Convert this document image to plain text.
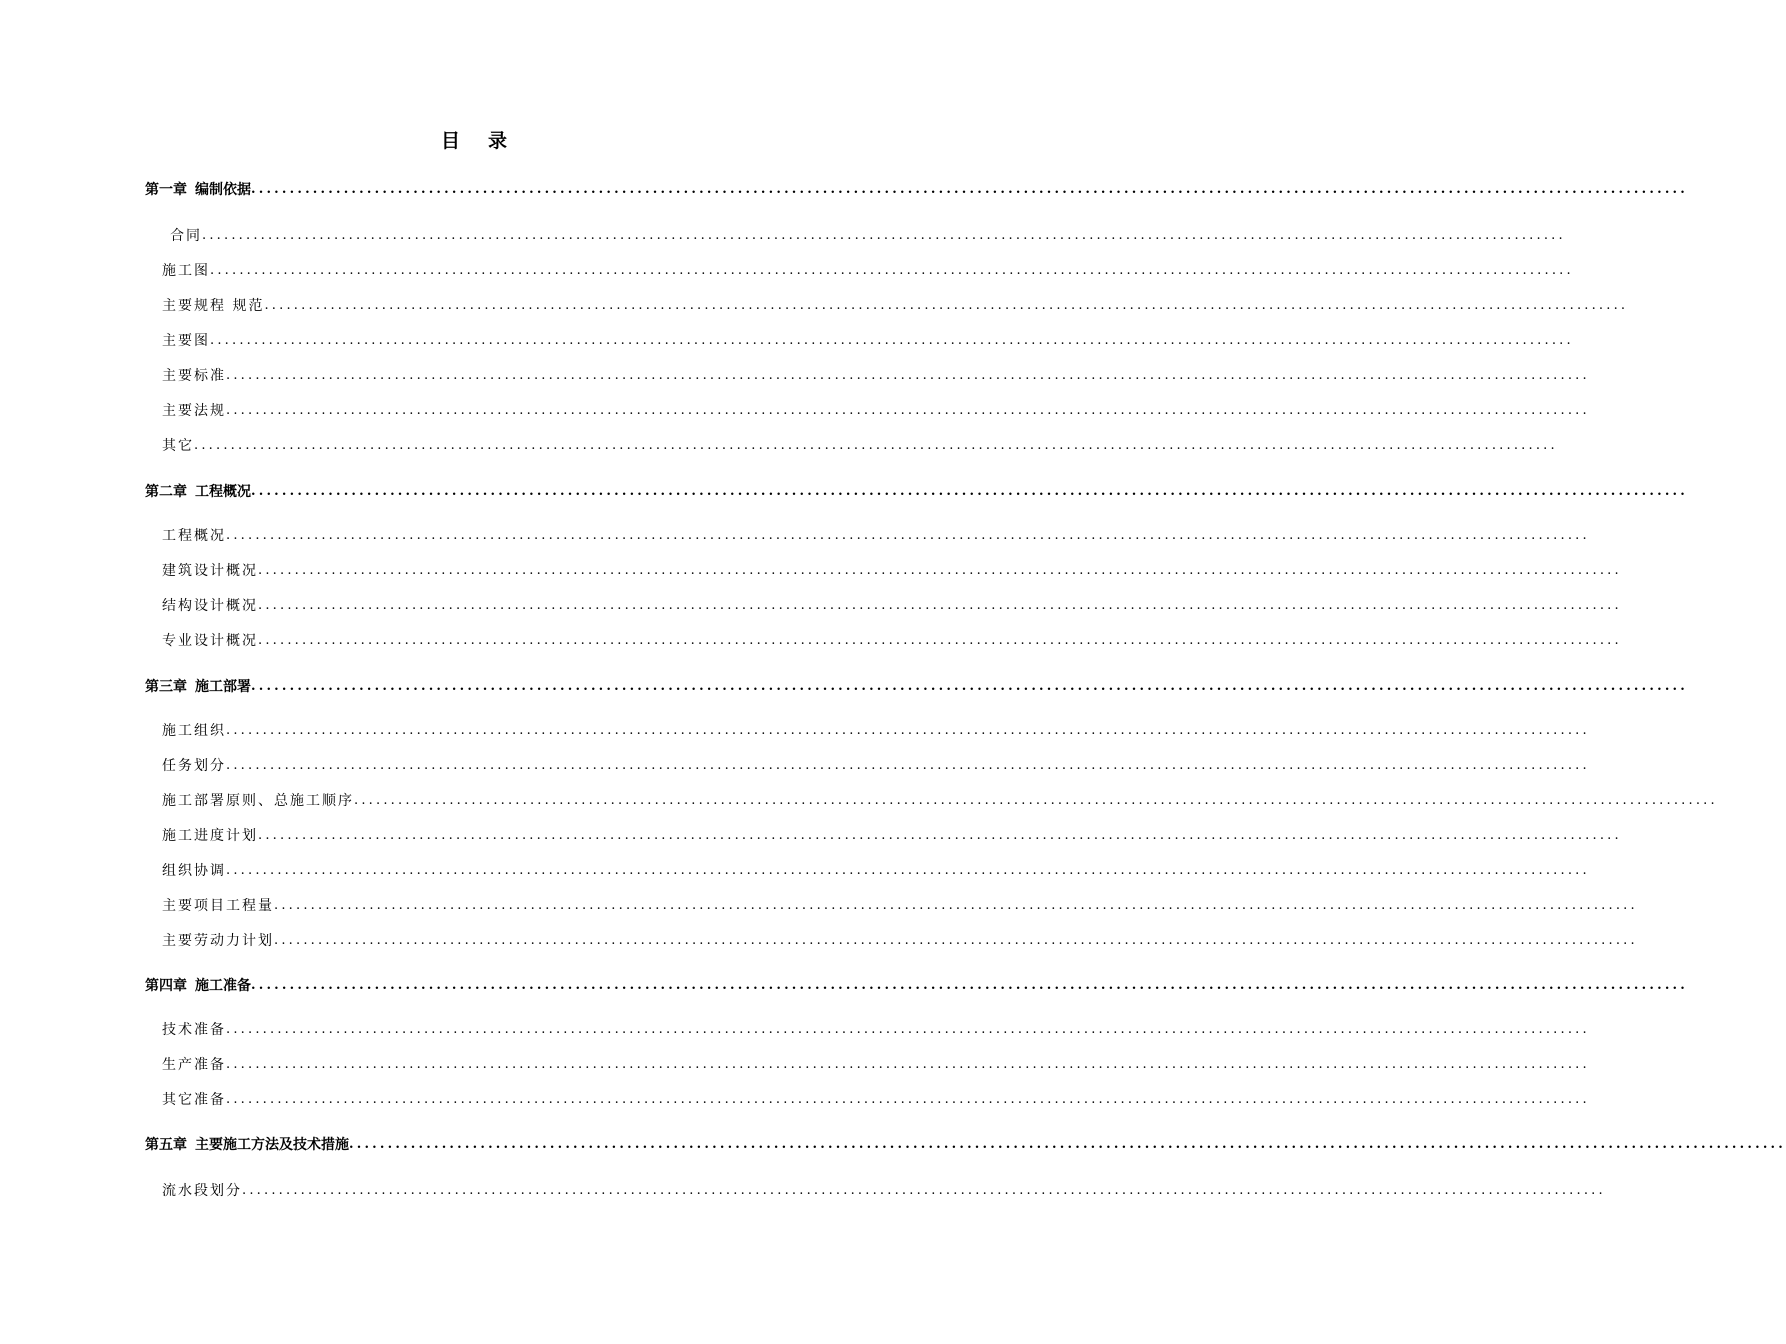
目 录
第一章 编制依据 ..........................................................................................................................................................................................
合同 ..........................................................................................................................................................................................
施工图 ..........................................................................................................................................................................................
主要规程 规范 ..........................................................................................................................................................................................
主要图 ..........................................................................................................................................................................................
主要标准 ..........................................................................................................................................................................................
主要法规 ..........................................................................................................................................................................................
其它 ..........................................................................................................................................................................................
第二章 工程概况 ..........................................................................................................................................................................................
工程概况 ..........................................................................................................................................................................................
建筑设计概况 ..........................................................................................................................................................................................
结构设计概况 ..........................................................................................................................................................................................
专业设计概况 ..........................................................................................................................................................................................
第三章 施工部署 ..........................................................................................................................................................................................
施工组织 ..........................................................................................................................................................................................
任务划分 ..........................................................................................................................................................................................
施工部署原则、总施工顺序 ..........................................................................................................................................................................................
施工进度计划 ..........................................................................................................................................................................................
组织协调 ..........................................................................................................................................................................................
主要项目工程量 ..........................................................................................................................................................................................
主要劳动力计划 ..........................................................................................................................................................................................
第四章 施工准备 ..........................................................................................................................................................................................
技术准备 ..........................................................................................................................................................................................
生产准备 ..........................................................................................................................................................................................
其它准备 ..........................................................................................................................................................................................
第五章 主要施工方法及技术措施 ..........................................................................................................................................................................................
流水段划分 ..........................................................................................................................................................................................
